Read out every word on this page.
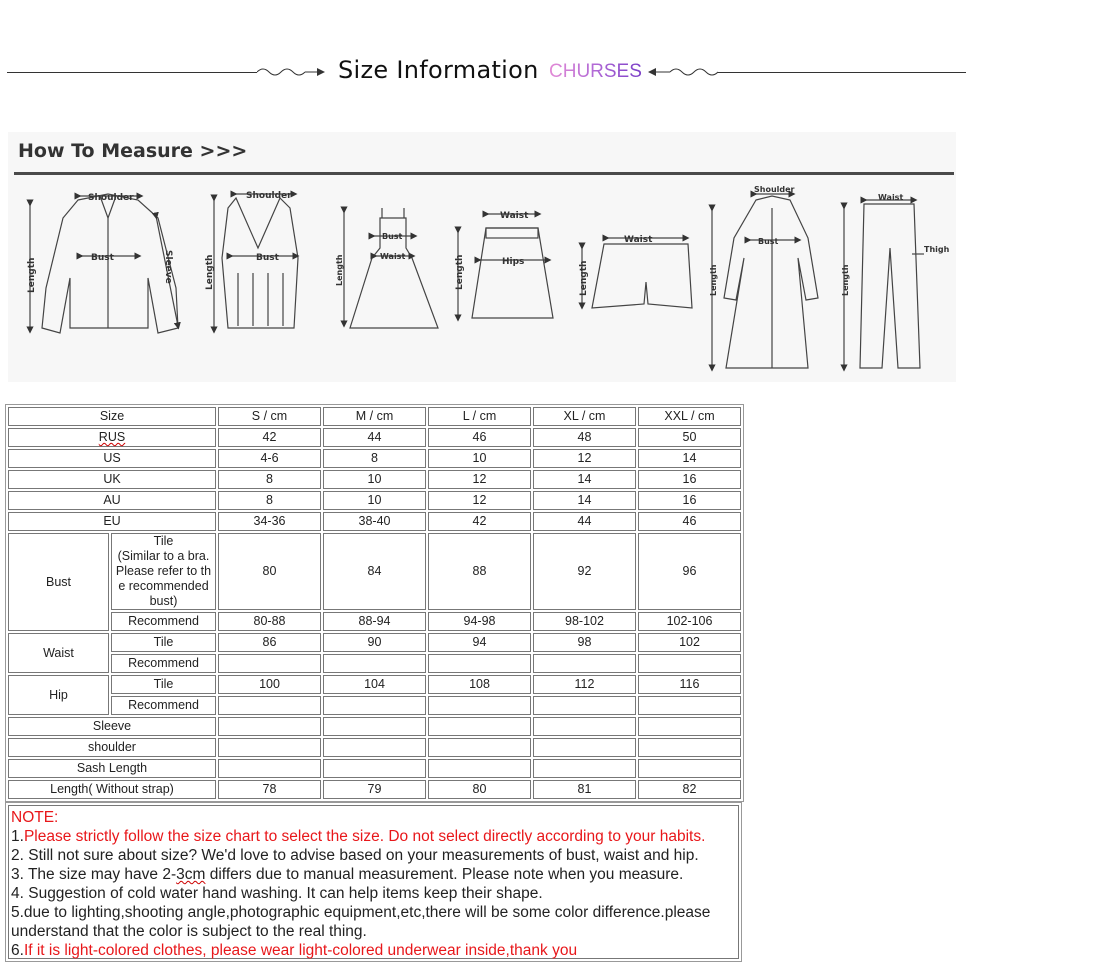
Size Information CHURSES
How To Measure >>>
Shoulder
Bust
Length	Sleeve
Shoulder
Bust
Length
Bust
Waist
Length
Waist
Hips
Length
Waist
Length
Shoulder
Bust
Length
Waist
Thigh
Length
Size		S / cm	M / cm	L / cm	XL / cm	XXL / cm
RUS		42	44	46	48	50
US		4-6	8	10	12	14
UK		8	10	12	14	16
AU		8	10	12	14	16
EU		34-36	38-40	42	44	46
Bust	Tile
(Similar to a bra.
Please refer to th
e recommended
bust)	80	84	88	92	96
	Recommend	80-88	88-94	94-98	98-102	102-106
Waist	Tile	86	90	94	98	102
	Recommend					
Hip	Tile	100	104	108	112	116
	Recommend					
Sleeve						
shoulder						
Sash Length						
Length( Without strap)		78	79	80	81	82
NOTE:
1.Please strictly follow the size chart to select the size. Do not select directly according to your habits.
2. Still not sure about size? We'd love to advise based on your measurements of bust, waist and hip.
3. The size may have 2-3cm differs due to manual measurement. Please note when you measure.
4. Suggestion of cold water hand washing. It can help items keep their shape.
5.due to lighting,shooting angle,photographic equipment,etc,there will be some color difference.please understand that the color is subject to the real thing.
6.If it is light-colored clothes, please wear light-colored underwear inside,thank you
